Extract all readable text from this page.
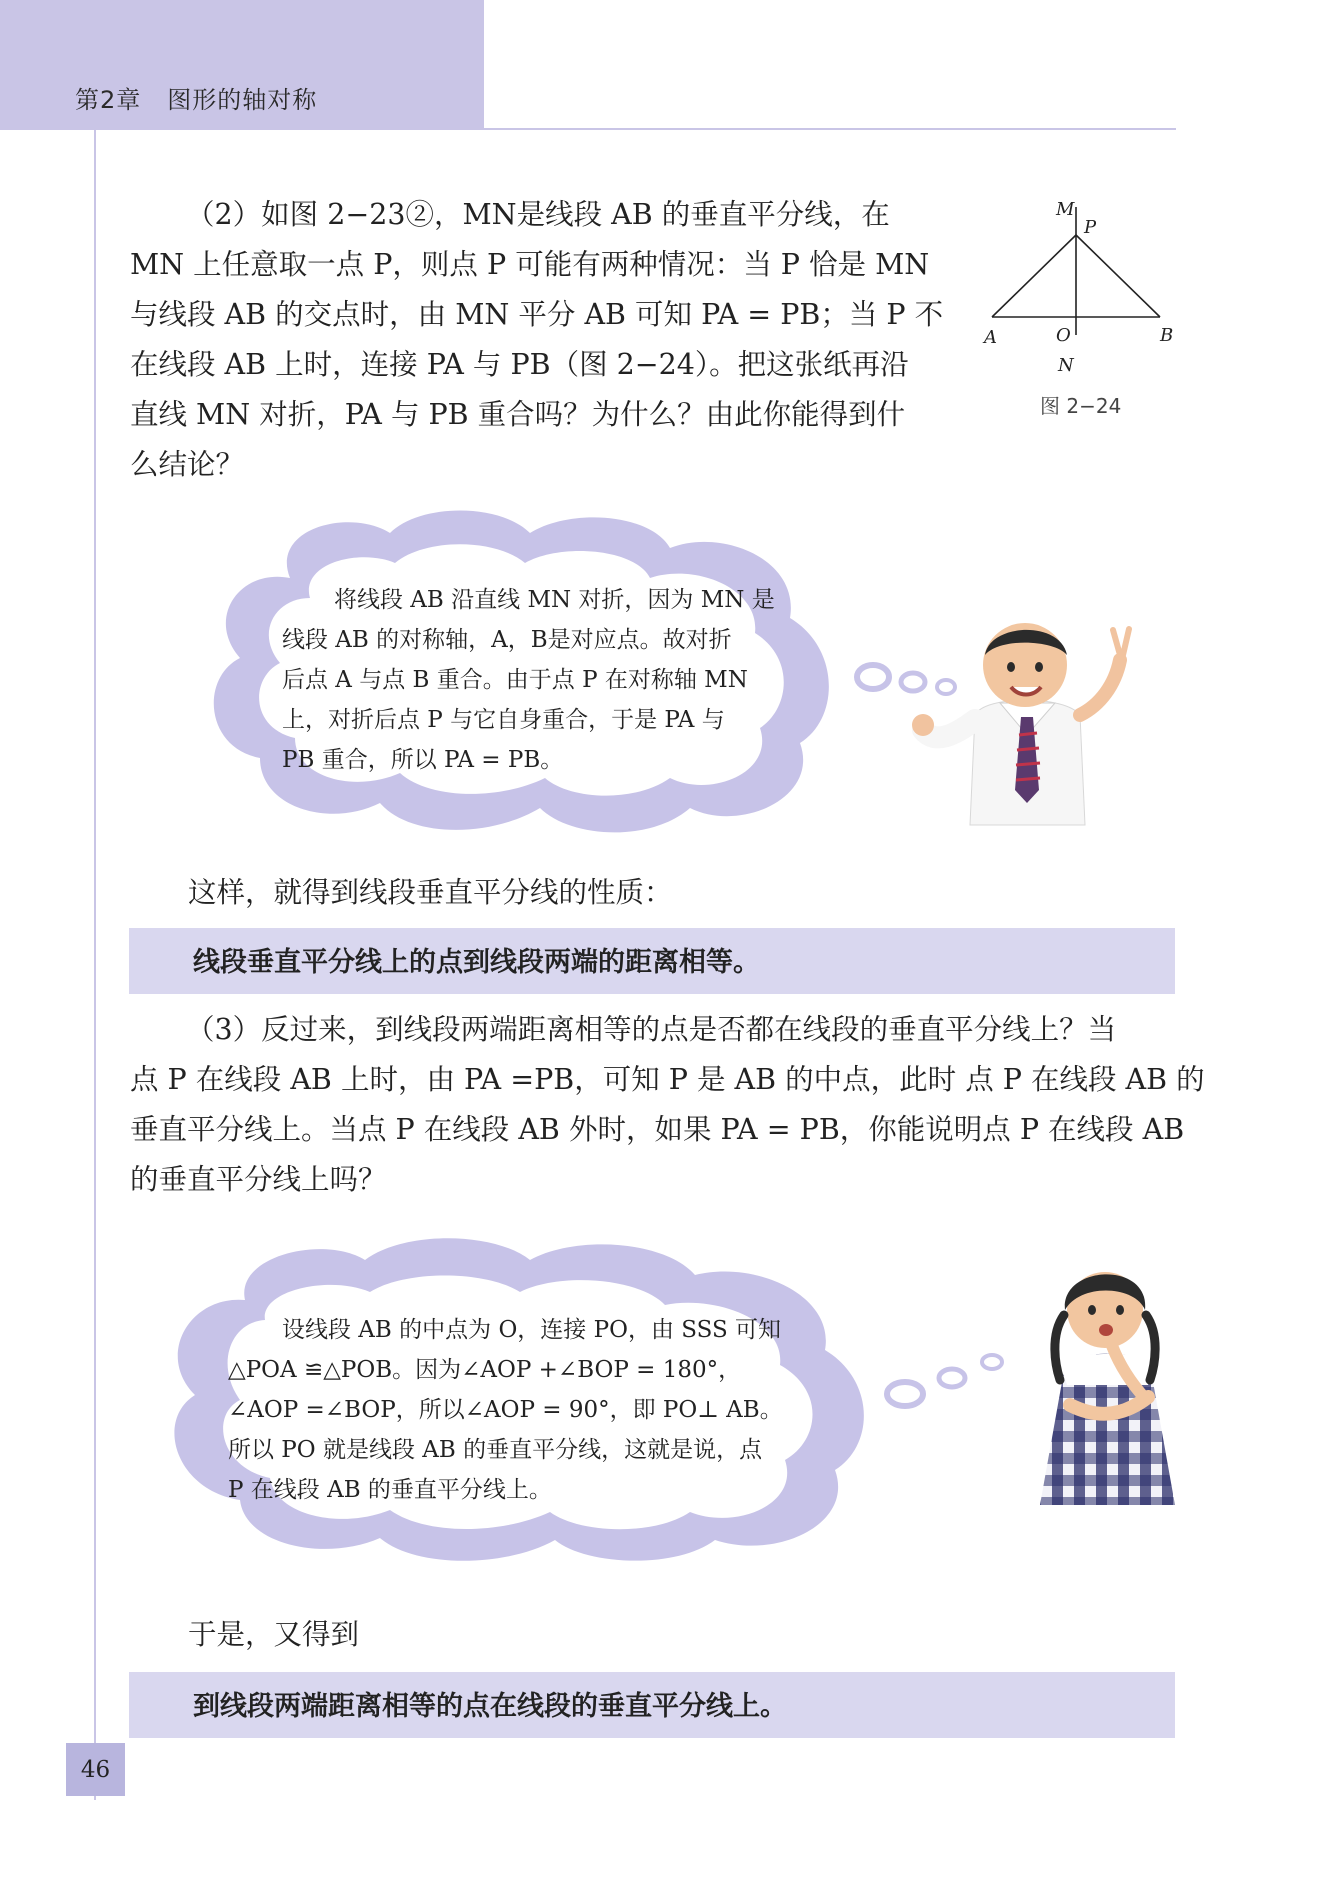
第2章 图形的轴对称
（2）如图 2−23②，MN是线段 AB 的垂直平分线，在
MN 上任意取一点 P，则点 P 可能有两种情况：当 P 恰是 MN
与线段 AB 的交点时，由 MN 平分 AB 可知 PA = PB；当 P 不
在线段 AB 上时，连接 PA 与 PB（图 2−24）。把这张纸再沿
直线 MN 对折，PA 与 PB 重合吗？为什么？由此你能得到什
么结论？
M
P
A	O	B
N
图 2−24
将线段 AB 沿直线 MN 对折，因为 MN 是
线段 AB 的对称轴，A，B是对应点。故对折
后点 A 与点 B 重合。由于点 P 在对称轴 MN
上，对折后点 P 与它自身重合，于是 PA 与
PB 重合，所以 PA = PB。
这样，就得到线段垂直平分线的性质：
线段垂直平分线上的点到线段两端的距离相等。
（3）反过来，到线段两端距离相等的点是否都在线段的垂直平分线上？当
点 P 在线段 AB 上时，由 PA =PB，可知 P 是 AB 的中点，此时 点 P 在线段 AB 的
垂直平分线上。当点 P 在线段 AB 外时，如果 PA = PB，你能说明点 P 在线段 AB
的垂直平分线上吗？
设线段 AB 的中点为 O，连接 PO，由 SSS 可知
△POA ≌△POB。因为∠AOP +∠BOP = 180°，
∠AOP =∠BOP，所以∠AOP = 90°，即 PO⊥ AB。
所以 PO 就是线段 AB 的垂直平分线，这就是说，点
P 在线段 AB 的垂直平分线上。
于是，又得到
到线段两端距离相等的点在线段的垂直平分线上。
46
